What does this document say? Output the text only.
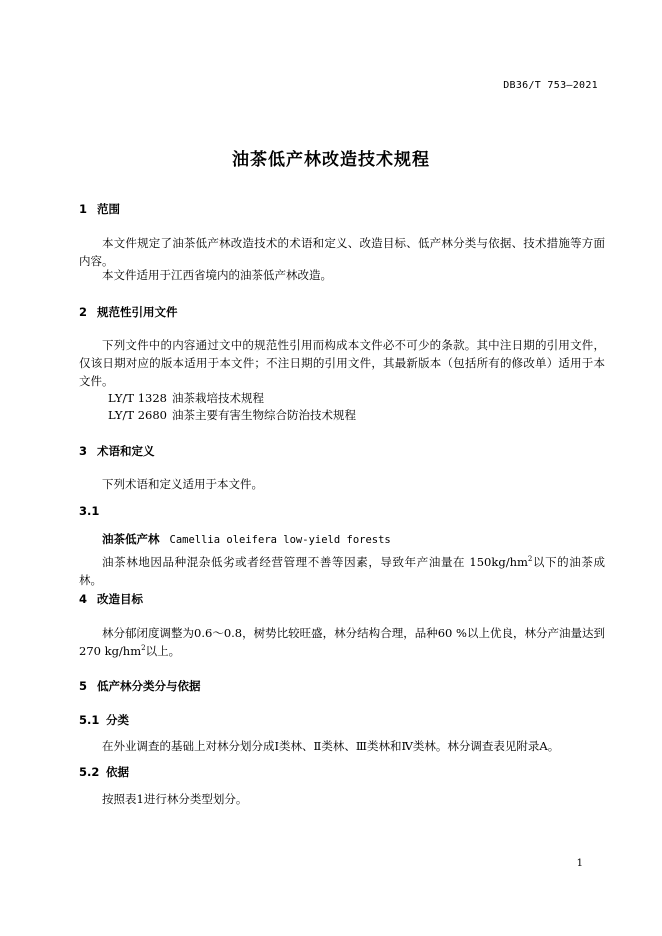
DB36/T 753—2021
油茶低产林改造技术规程
1 范围
本文件规定了油茶低产林改造技术的术语和定义、改造目标、低产林分类与依据、技术措施等方面内容。
本文件适用于江西省境内的油茶低产林改造。
2 规范性引用文件
下列文件中的内容通过文中的规范性引用而构成本文件必不可少的条款。其中注日期的引用文件，仅该日期对应的版本适用于本文件；不注日期的引用文件，其最新版本（包括所有的修改单）适用于本文件。
LY/T 1328 油茶栽培技术规程
LY/T 2680 油茶主要有害生物综合防治技术规程
3 术语和定义
下列术语和定义适用于本文件。
3.1
油茶低产林 Camellia oleifera low-yield forests
油茶林地因品种混杂低劣或者经营管理不善等因素，导致年产油量在 $150kg/hm^2$以下的油茶成林。
4 改造目标
林分郁闭度调整为0.6～0.8，树势比较旺盛，林分结构合理，品种60 %以上优良，林分产油量达到270 $kg/hm^2$以上。
5 低产林分类分与依据
5.1 分类
在外业调查的基础上对林分划分成Ⅰ类林、Ⅱ类林、Ⅲ类林和Ⅳ类林。林分调查表见附录A。
5.2 依据
按照表1进行林分类型划分。
1
